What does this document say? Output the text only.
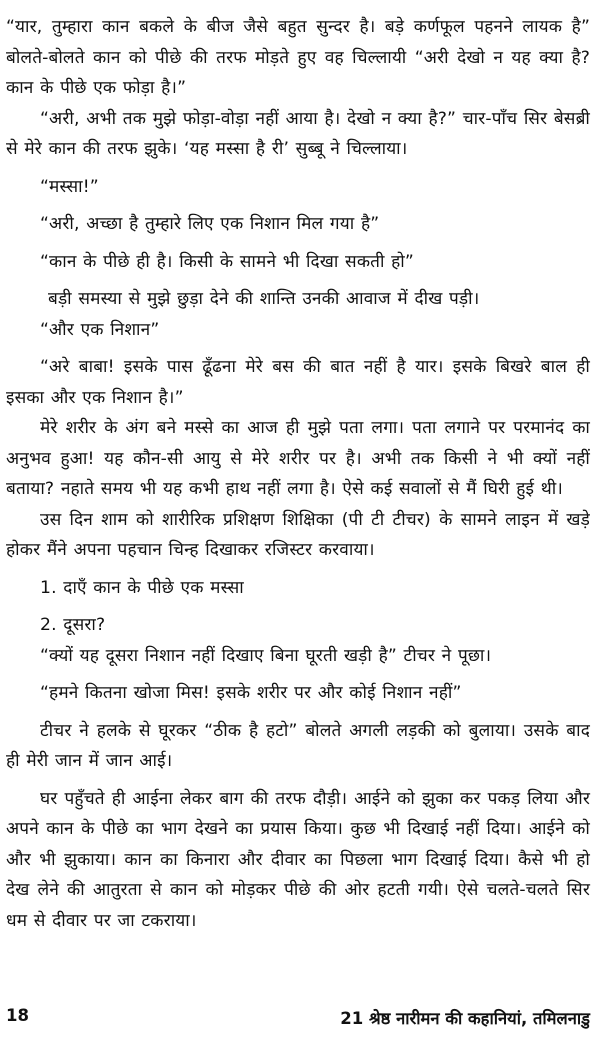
“यार, तुम्हारा कान बकले के बीज जैसे बहुत सुन्दर है। बड़े कर्णफूल पहनने लायक है” बोलते-बोलते कान को पीछे की तरफ मोड़ते हुए वह चिल्लायी “अरी देखो न यह क्या है? कान के पीछे एक फोड़ा है।”

“अरी, अभी तक मुझे फोड़ा-वोड़ा नहीं आया है। देखो न क्या है?” चार-पाँच सिर बेसब्री से मेरे कान की तरफ झुके। ‘यह मस्सा है री’ सुब्बू ने चिल्लाया।

“मस्सा!”

“अरी, अच्छा है तुम्हारे लिए एक निशान मिल गया है”

“कान के पीछे ही है। किसी के सामने भी दिखा सकती हो”

बड़ी समस्या से मुझे छुड़ा देने की शान्ति उनकी आवाज में दीख पड़ी।

“और एक निशान”

“अरे बाबा! इसके पास ढूँढना मेरे बस की बात नहीं है यार। इसके बिखरे बाल ही इसका और एक निशान है।”

मेरे शरीर के अंग बने मस्से का आज ही मुझे पता लगा। पता लगाने पर परमानंद का अनुभव हुआ! यह कौन-सी आयु से मेरे शरीर पर है। अभी तक किसी ने भी क्यों नहीं बताया? नहाते समय भी यह कभी हाथ नहीं लगा है। ऐसे कई सवालों से मैं घिरी हुई थी।

उस दिन शाम को शारीरिक प्रशिक्षण शिक्षिका (पी टी टीचर) के सामने लाइन में खड़े होकर मैंने अपना पहचान चिन्ह दिखाकर रजिस्टर करवाया।

1. दाएँ कान के पीछे एक मस्सा

2. दूसरा?

“क्यों यह दूसरा निशान नहीं दिखाए बिना घूरती खड़ी है” टीचर ने पूछा।

“हमने कितना खोजा मिस! इसके शरीर पर और कोई निशान नहीं”

टीचर ने हलके से घूरकर “ठीक है हटो” बोलते अगली लड़की को बुलाया। उसके बाद ही मेरी जान में जान आई।

घर पहुँचते ही आईना लेकर बाग की तरफ दौड़ी। आईने को झुका कर पकड़ लिया और अपने कान के पीछे का भाग देखने का प्रयास किया। कुछ भी दिखाई नहीं दिया। आईने को और भी झुकाया। कान का किनारा और दीवार का पिछला भाग दिखाई दिया। कैसे भी हो देख लेने की आतुरता से कान को मोड़कर पीछे की ओर हटती गयी। ऐसे चलते-चलते सिर धम से दीवार पर जा टकराया।

18	21 श्रेष्ठ नारीमन की कहानियां, तमिलनाडु
